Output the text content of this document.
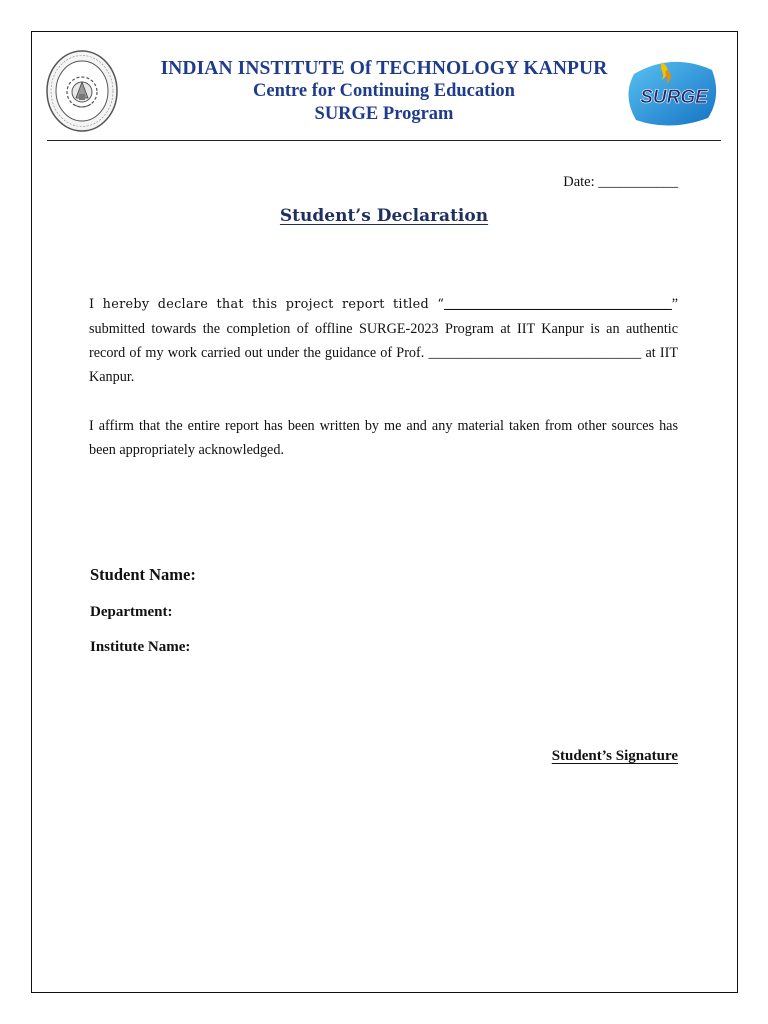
SURGE
INDIAN INSTITUTE Of TECHNOLOGY KANPUR
Centre for Continuing Education
SURGE Program
Date: ___________
Student’s Declaration
I hereby declare that this project report titled “_________________________________” submitted towards the completion of offline SURGE-2023 Program at IIT Kanpur is an authentic record of my work carried out under the guidance of Prof. ______________________________ at IIT Kanpur.
I affirm that the entire report has been written by me and any material taken from other sources has been appropriately acknowledged.
Student Name:
Department:
Institute Name:
Student’s Signature
